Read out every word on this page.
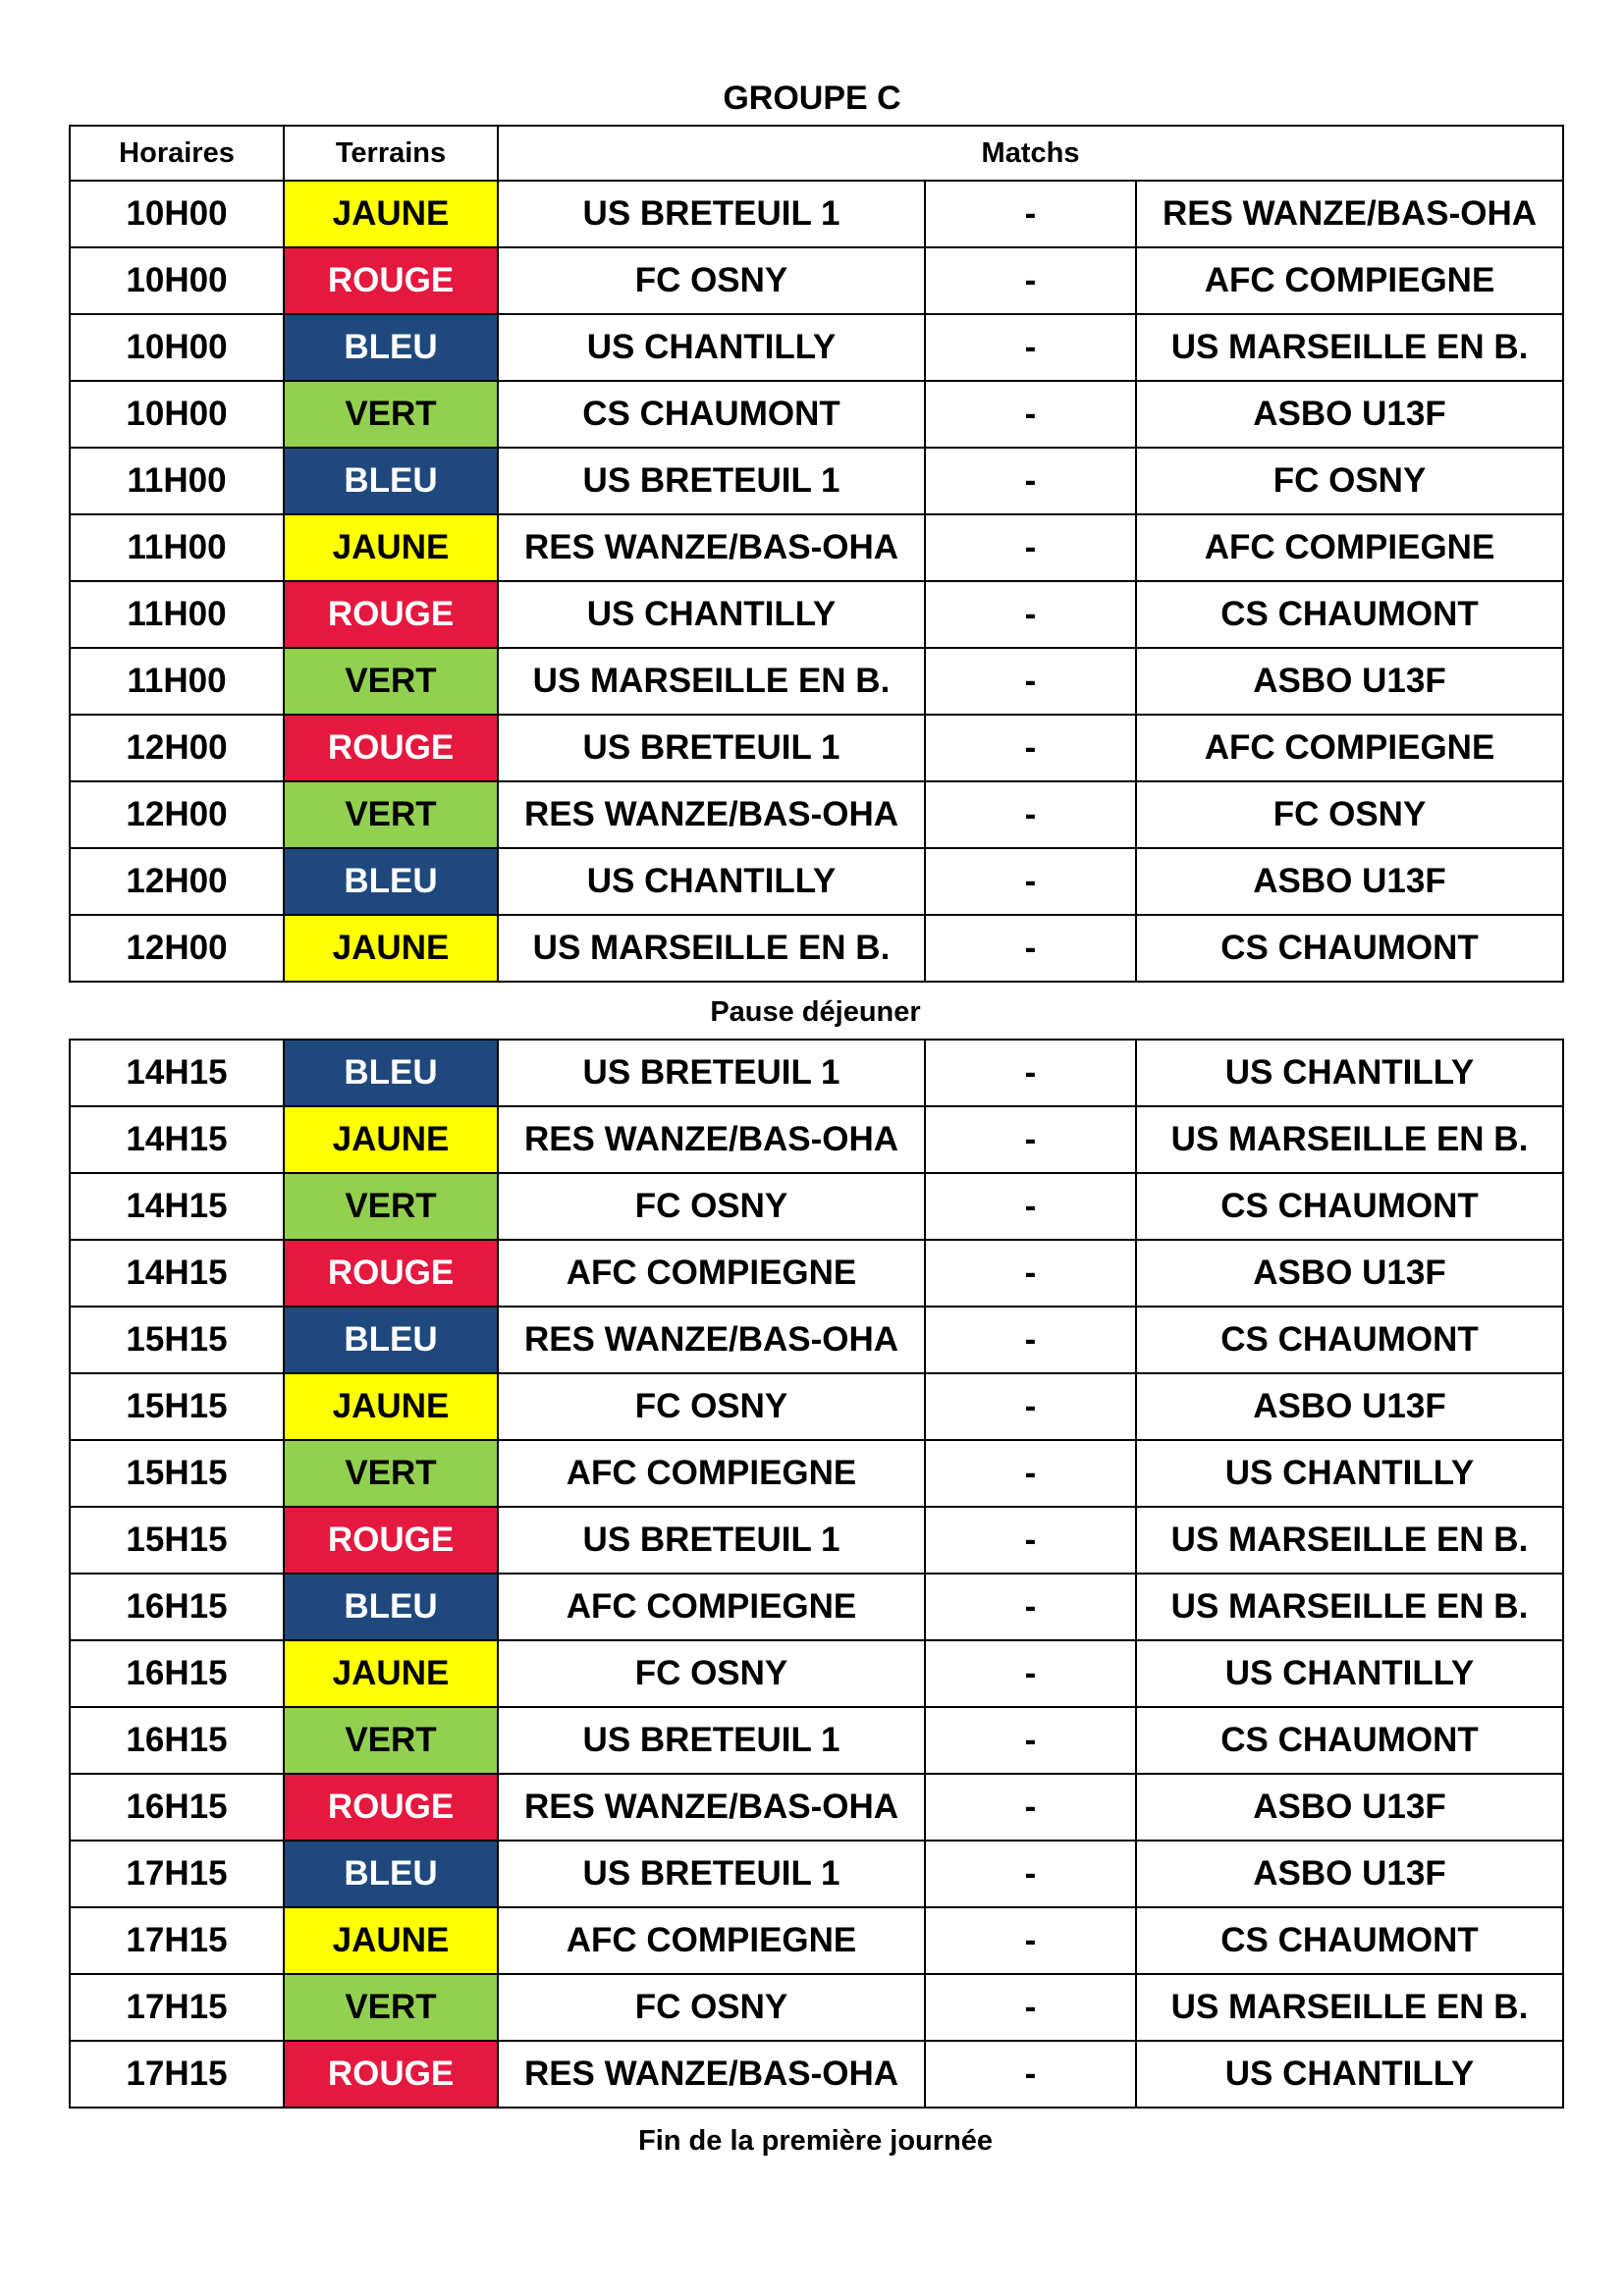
GROUPE C
Horaires	Terrains	Matchs		
10H00	JAUNE	US BRETEUIL 1	-	RES WANZE/BAS-OHA
10H00	ROUGE	FC OSNY	-	AFC COMPIEGNE
10H00	BLEU	US CHANTILLY	-	US MARSEILLE EN B.
10H00	VERT	CS CHAUMONT	-	ASBO U13F
11H00	BLEU	US BRETEUIL 1	-	FC OSNY
11H00	JAUNE	RES WANZE/BAS-OHA	-	AFC COMPIEGNE
11H00	ROUGE	US CHANTILLY	-	CS CHAUMONT
11H00	VERT	US MARSEILLE EN B.	-	ASBO U13F
12H00	ROUGE	US BRETEUIL 1	-	AFC COMPIEGNE
12H00	VERT	RES WANZE/BAS-OHA	-	FC OSNY
12H00	BLEU	US CHANTILLY	-	ASBO U13F
12H00	JAUNE	US MARSEILLE EN B.	-	CS CHAUMONT
Pause déjeuner
14H15	BLEU	US BRETEUIL 1	-	US CHANTILLY
14H15	JAUNE	RES WANZE/BAS-OHA	-	US MARSEILLE EN B.
14H15	VERT	FC OSNY	-	CS CHAUMONT
14H15	ROUGE	AFC COMPIEGNE	-	ASBO U13F
15H15	BLEU	RES WANZE/BAS-OHA	-	CS CHAUMONT
15H15	JAUNE	FC OSNY	-	ASBO U13F
15H15	VERT	AFC COMPIEGNE	-	US CHANTILLY
15H15	ROUGE	US BRETEUIL 1	-	US MARSEILLE EN B.
16H15	BLEU	AFC COMPIEGNE	-	US MARSEILLE EN B.
16H15	JAUNE	FC OSNY	-	US CHANTILLY
16H15	VERT	US BRETEUIL 1	-	CS CHAUMONT
16H15	ROUGE	RES WANZE/BAS-OHA	-	ASBO U13F
17H15	BLEU	US BRETEUIL 1	-	ASBO U13F
17H15	JAUNE	AFC COMPIEGNE	-	CS CHAUMONT
17H15	VERT	FC OSNY	-	US MARSEILLE EN B.
17H15	ROUGE	RES WANZE/BAS-OHA	-	US CHANTILLY
Fin de la première journée
